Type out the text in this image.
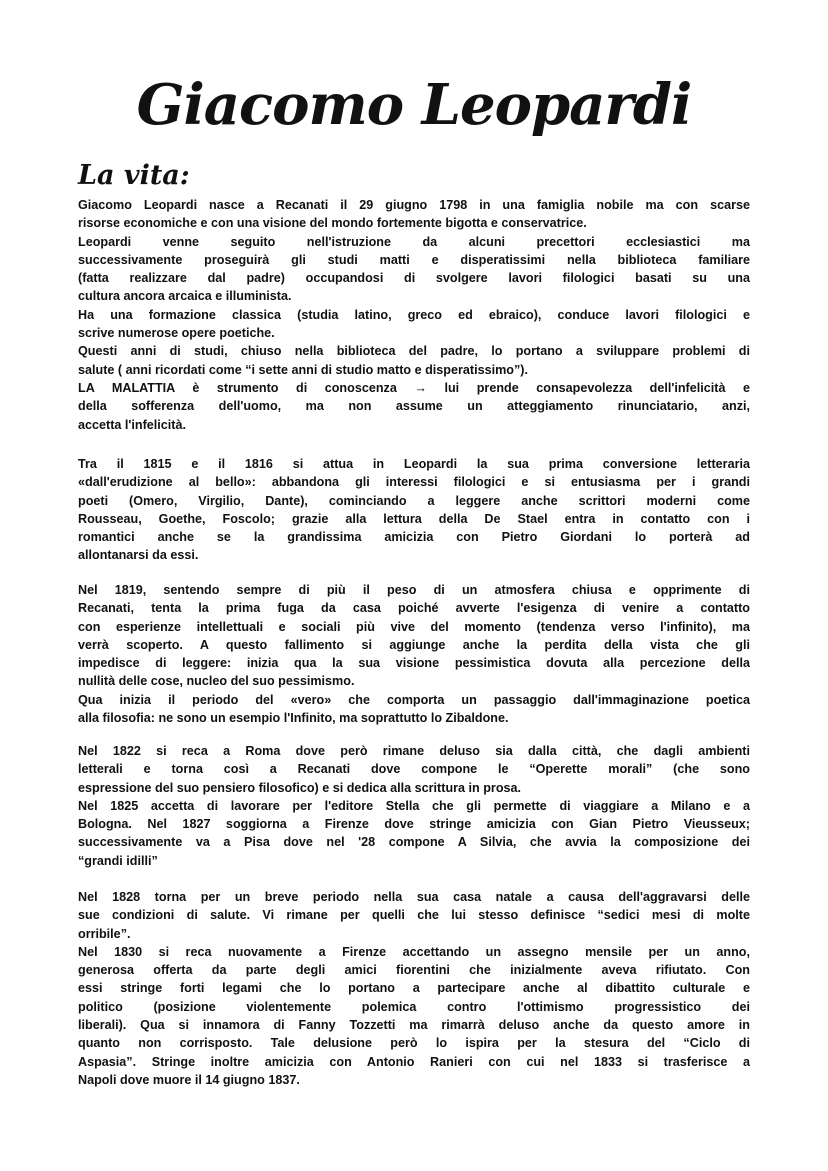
Giacomo Leopardi
La vita:
Giacomo Leopardi nasce a Recanati il 29 giugno 1798 in una famiglia nobile ma con scarse
risorse economiche e con una visione del mondo fortemente bigotta e conservatrice.
Leopardi venne seguito nell'istruzione da alcuni precettori ecclesiastici ma
successivamente proseguirà gli studi matti e disperatissimi nella biblioteca familiare
(fatta realizzare dal padre) occupandosi di svolgere lavori filologici basati su una
cultura ancora arcaica e illuminista.
Ha una formazione classica (studia latino, greco ed ebraico), conduce lavori filologici e
scrive numerose opere poetiche.
Questi anni di studi, chiuso nella biblioteca del padre, lo portano a sviluppare problemi di
salute ( anni ricordati come “i sette anni di studio matto e disperatissimo”).
LA MALATTIA è strumento di conoscenza → lui prende consapevolezza dell'infelicità e
della sofferenza dell'uomo, ma non assume un atteggiamento rinunciatario, anzi,
accetta l'infelicità.
Tra il 1815 e il 1816 si attua in Leopardi la sua prima conversione letteraria
«dall'erudizione al bello»: abbandona gli interessi filologici e si entusiasma per i grandi
poeti (Omero, Virgilio, Dante), cominciando a leggere anche scrittori moderni come
Rousseau, Goethe, Foscolo; grazie alla lettura della De Stael entra in contatto con i
romantici anche se la grandissima amicizia con Pietro Giordani lo porterà ad
allontanarsi da essi.
Nel 1819, sentendo sempre di più il peso di un atmosfera chiusa e opprimente di
Recanati, tenta la prima fuga da casa poiché avverte l'esigenza di venire a contatto
con esperienze intellettuali e sociali più vive del momento (tendenza verso l'infinito), ma
verrà scoperto. A questo fallimento si aggiunge anche la perdita della vista che gli
impedisce di leggere: inizia qua la sua visione pessimistica dovuta alla percezione della
nullità delle cose, nucleo del suo pessimismo.
Qua inizia il periodo del «vero» che comporta un passaggio dall'immaginazione poetica
alla filosofia: ne sono un esempio l'Infinito, ma soprattutto lo Zibaldone.
Nel 1822 si reca a Roma dove però rimane deluso sia dalla città, che dagli ambienti
letterali e torna così a Recanati dove compone le “Operette morali” (che sono
espressione del suo pensiero filosofico) e si dedica alla scrittura in prosa.
Nel 1825 accetta di lavorare per l'editore Stella che gli permette di viaggiare a Milano e a
Bologna. Nel 1827 soggiorna a Firenze dove stringe amicizia con Gian Pietro Vieusseux;
successivamente va a Pisa dove nel '28 compone A Silvia, che avvia la composizione dei
“grandi idilli”
Nel 1828 torna per un breve periodo nella sua casa natale a causa dell'aggravarsi delle
sue condizioni di salute. Vi rimane per quelli che lui stesso definisce “sedici mesi di molte
orribile”.
Nel 1830 si reca nuovamente a Firenze accettando un assegno mensile per un anno,
generosa offerta da parte degli amici fiorentini che inizialmente aveva rifiutato. Con
essi stringe forti legami che lo portano a partecipare anche al dibattito culturale e
politico (posizione violentemente polemica contro l'ottimismo progressistico dei
liberali). Qua si innamora di Fanny Tozzetti ma rimarrà deluso anche da questo amore in
quanto non corrisposto. Tale delusione però lo ispira per la stesura del “Ciclo di
Aspasia”. Stringe inoltre amicizia con Antonio Ranieri con cui nel 1833 si trasferisce a
Napoli dove muore il 14 giugno 1837.
